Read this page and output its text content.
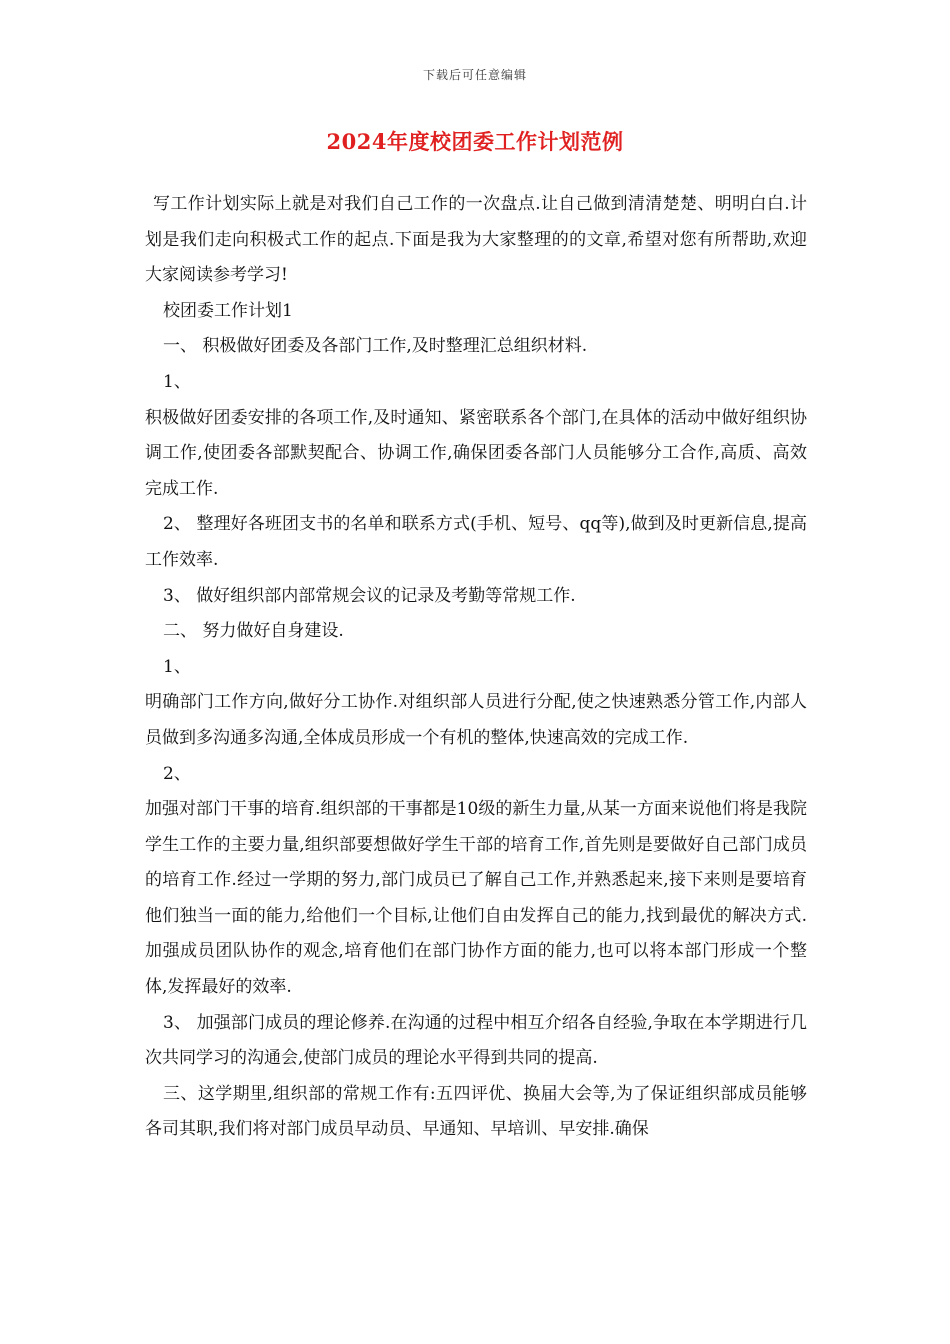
下载后可任意编辑
2024年度校团委工作计划范例

写工作计划实际上就是对我们自己工作的一次盘点.让自己做到清清楚楚、明明白白.计划是我们走向积极式工作的起点.下面是我为大家整理的的文章,希望对您有所帮助,欢迎大家阅读参考学习!

校团委工作计划1

一、 积极做好团委及各部门工作,及时整理汇总组织材料.

1、

积极做好团委安排的各项工作,及时通知、紧密联系各个部门,在具体的活动中做好组织协调工作,使团委各部默契配合、协调工作,确保团委各部门人员能够分工合作,高质、高效完成工作.

2、 整理好各班团支书的名单和联系方式(手机、短号、qq等),做到及时更新信息,提高工作效率.

3、 做好组织部内部常规会议的记录及考勤等常规工作.

二、 努力做好自身建设.

1、

明确部门工作方向,做好分工协作.对组织部人员进行分配,使之快速熟悉分管工作,内部人员做到多沟通多沟通,全体成员形成一个有机的整体,快速高效的完成工作.

2、

加强对部门干事的培育.组织部的干事都是10级的新生力量,从某一方面来说他们将是我院学生工作的主要力量,组织部要想做好学生干部的培育工作,首先则是要做好自己部门成员的培育工作.经过一学期的努力,部门成员已了解自己工作,并熟悉起来,接下来则是要培育他们独当一面的能力,给他们一个目标,让他们自由发挥自己的能力,找到最优的解决方式.加强成员团队协作的观念,培育他们在部门协作方面的能力,也可以将本部门形成一个整体,发挥最好的效率.

3、 加强部门成员的理论修养.在沟通的过程中相互介绍各自经验,争取在本学期进行几次共同学习的沟通会,使部门成员的理论水平得到共同的提高.

三、这学期里,组织部的常规工作有:五四评优、换届大会等,为了保证组织部成员能够各司其职,我们将对部门成员早动员、早通知、早培训、早安排.确保
